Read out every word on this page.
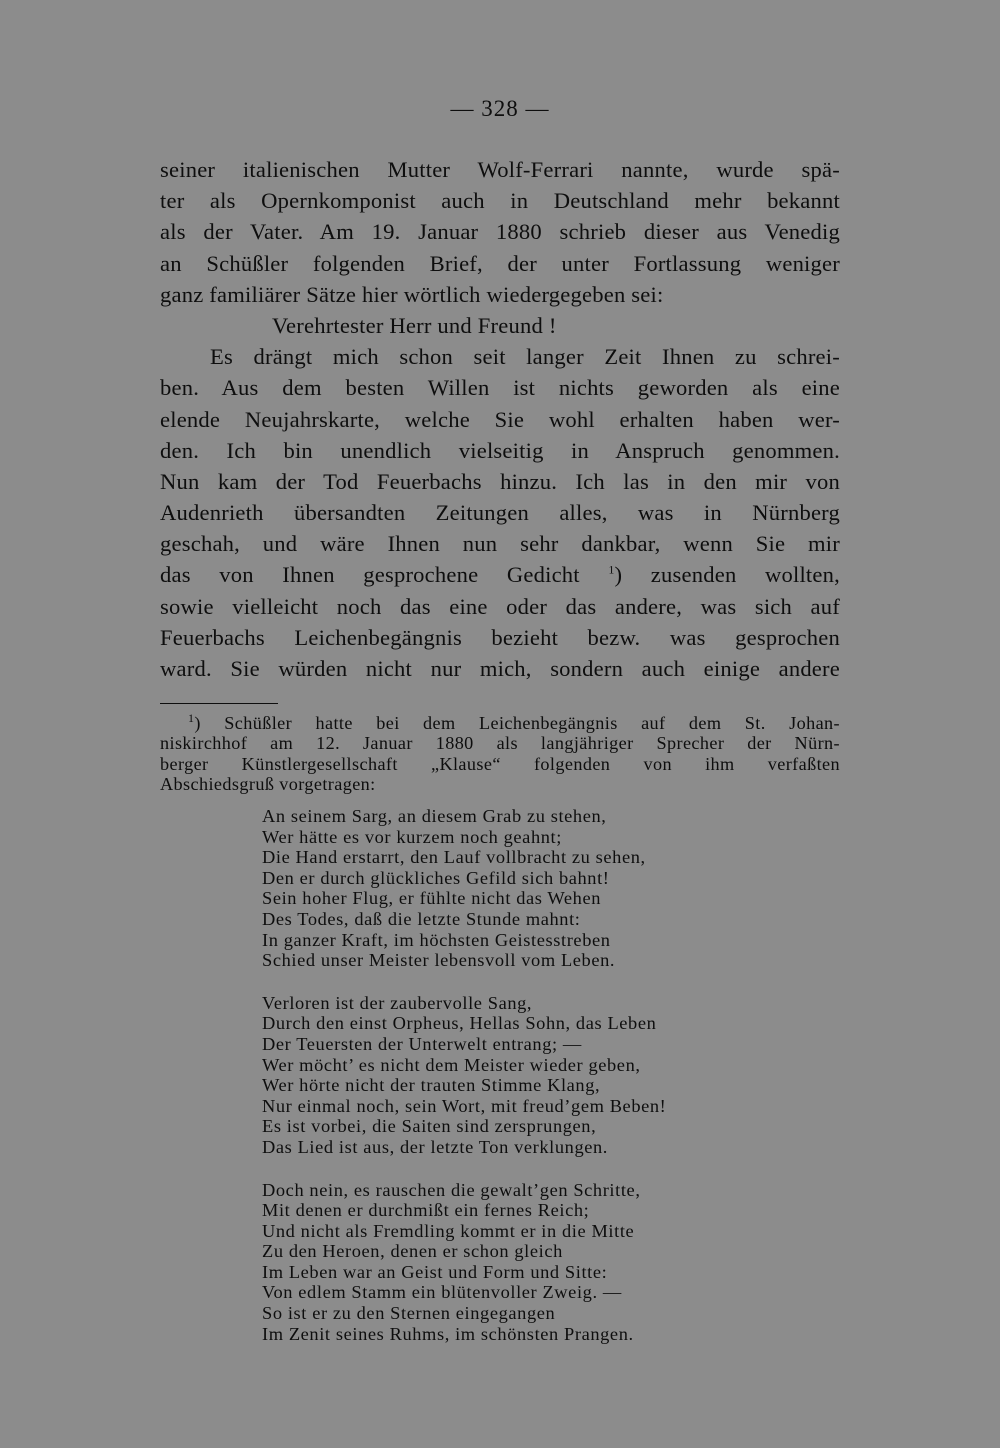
— 328 —
seiner italienischen Mutter Wolf-Ferrari nannte, wurde spä-
ter als Opernkomponist auch in Deutschland mehr bekannt
als der Vater. Am 19. Januar 1880 schrieb dieser aus Venedig
an Schüßler folgenden Brief, der unter Fortlassung weniger
ganz familiärer Sätze hier wörtlich wiedergegeben sei:
Verehrtester Herr und Freund !
Es drängt mich schon seit langer Zeit Ihnen zu schrei-
ben. Aus dem besten Willen ist nichts geworden als eine
elende Neujahrskarte, welche Sie wohl erhalten haben wer-
den. Ich bin unendlich vielseitig in Anspruch genommen.
Nun kam der Tod Feuerbachs hinzu. Ich las in den mir von
Audenrieth übersandten Zeitungen alles, was in Nürnberg
geschah, und wäre Ihnen nun sehr dankbar, wenn Sie mir
das von Ihnen gesprochene Gedicht $^1$) zusenden wollten,
sowie vielleicht noch das eine oder das andere, was sich auf
Feuerbachs Leichenbegängnis bezieht bezw. was gesprochen
ward. Sie würden nicht nur mich, sondern auch einige andere
$^1$) Schüßler hatte bei dem Leichenbegängnis auf dem St. Johan-
niskirchhof am 12. Januar 1880 als langjähriger Sprecher der Nürn-
berger Künstlergesellschaft „Klause“ folgenden von ihm verfaßten
Abschiedsgruß vorgetragen:
An seinem Sarg, an diesem Grab zu stehen,
Wer hätte es vor kurzem noch geahnt;
Die Hand erstarrt, den Lauf vollbracht zu sehen,
Den er durch glückliches Gefild sich bahnt!
Sein hoher Flug, er fühlte nicht das Wehen
Des Todes, daß die letzte Stunde mahnt:
In ganzer Kraft, im höchsten Geistesstreben
Schied unser Meister lebensvoll vom Leben.
Verloren ist der zaubervolle Sang,
Durch den einst Orpheus, Hellas Sohn, das Leben
Der Teuersten der Unterwelt entrang; —
Wer möcht’ es nicht dem Meister wieder geben,
Wer hörte nicht der trauten Stimme Klang,
Nur einmal noch, sein Wort, mit freud’gem Beben!
Es ist vorbei, die Saiten sind zersprungen,
Das Lied ist aus, der letzte Ton verklungen.
Doch nein, es rauschen die gewalt’gen Schritte,
Mit denen er durchmißt ein fernes Reich;
Und nicht als Fremdling kommt er in die Mitte
Zu den Heroen, denen er schon gleich
Im Leben war an Geist und Form und Sitte:
Von edlem Stamm ein blütenvoller Zweig. —
So ist er zu den Sternen eingegangen
Im Zenit seines Ruhms, im schönsten Prangen.
